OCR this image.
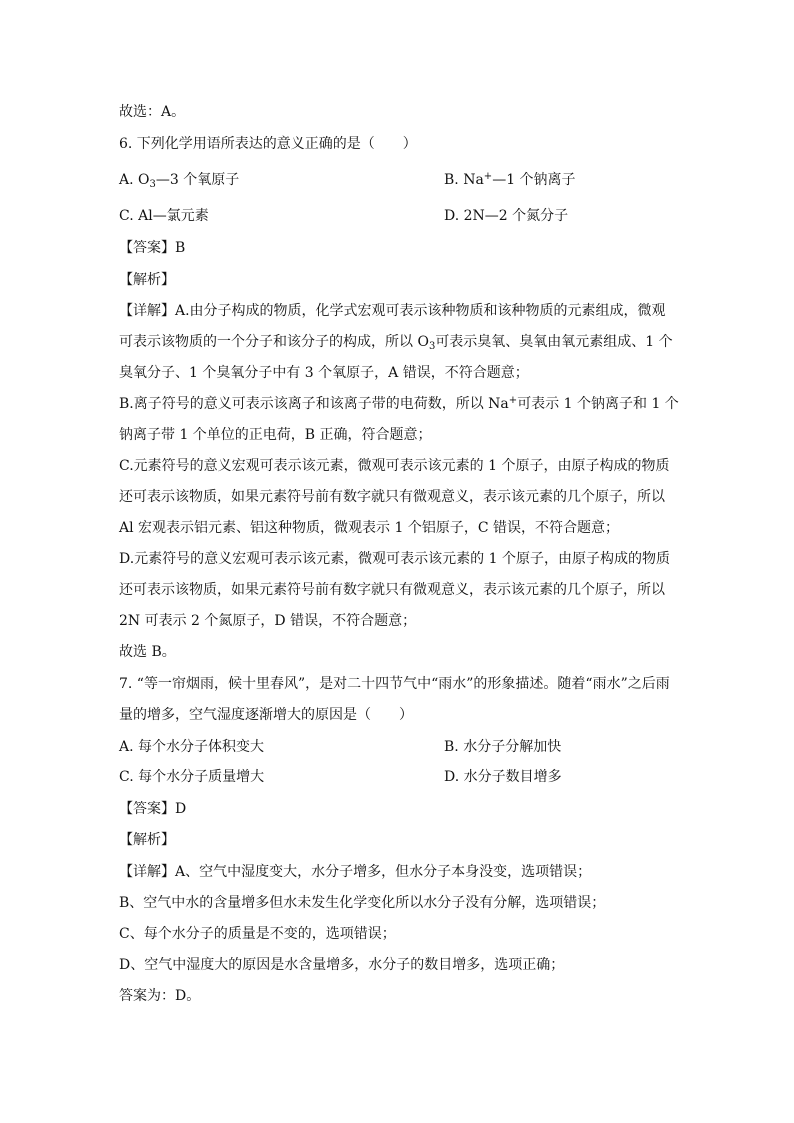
故选：A。
6. 下列化学用语所表达的意义正确的是（　　）
A. $O_3—3$ 个氧原子	B. Na+—1 个钠离子
C. Al—氯元素	D. 2N—2 个氮分子
【答案】B
【解析】
【详解】A.由分子构成的物质，化学式宏观可表示该种物质和该种物质的元素组成，微观
可表示该物质的一个分子和该分子的构成，所以 $O_3$可表示臭氧、臭氧由氧元素组成、1 个
臭氧分子、1 个臭氧分子中有 3 个氧原子，A 错误，不符合题意；
B.离子符号的意义可表示该离子和该离子带的电荷数，所以 Na+可表示 1 个钠离子和 1 个
钠离子带 1 个单位的正电荷，B 正确，符合题意；
C.元素符号的意义宏观可表示该元素，微观可表示该元素的 1 个原子，由原子构成的物质
还可表示该物质，如果元素符号前有数字就只有微观意义，表示该元素的几个原子，所以
Al 宏观表示铝元素、铝这种物质，微观表示 1 个铝原子，C 错误，不符合题意；
D.元素符号的意义宏观可表示该元素，微观可表示该元素的 1 个原子，由原子构成的物质
还可表示该物质，如果元素符号前有数字就只有微观意义，表示该元素的几个原子，所以
2N 可表示 2 个氮原子，D 错误，不符合题意；
故选 B。
7. “等一帘烟雨，候十里春风”，是对二十四节气中“雨水”的形象描述。随着“雨水”之后雨
量的增多，空气湿度逐渐增大的原因是（　　）
A. 每个水分子体积变大	B. 水分子分解加快
C. 每个水分子质量增大	D. 水分子数目增多
【答案】D
【解析】
【详解】A、空气中湿度变大，水分子增多，但水分子本身没变，选项错误；
B、空气中水的含量增多但水未发生化学变化所以水分子没有分解，选项错误；
C、每个水分子的质量是不变的，选项错误；
D、空气中湿度大的原因是水含量增多，水分子的数目增多，选项正确；
答案为：D。
